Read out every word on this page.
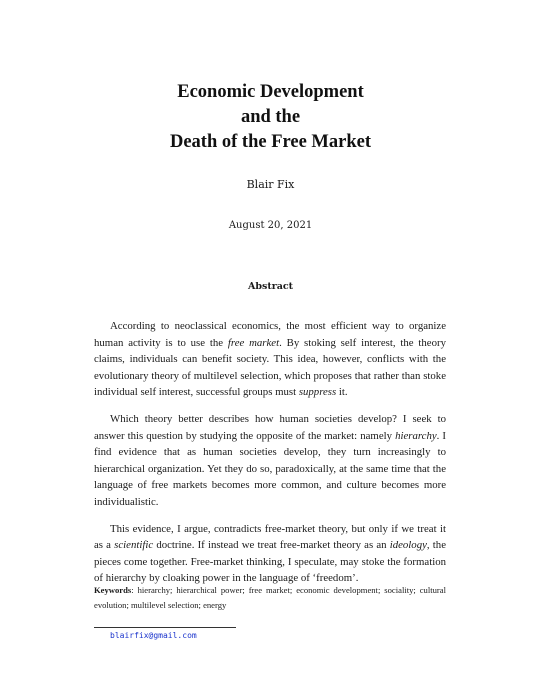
Economic Development
and the
Death of the Free Market
Blair Fix
August 20, 2021
Abstract

According to neoclassical economics, the most efficient way to organize human activity is to use the free market. By stoking self interest, the theory claims, individuals can benefit society. This idea, however, conflicts with the evolutionary theory of multilevel selection, which proposes that rather than stoke individual self interest, successful groups must suppress it.

Which theory better describes how human societies develop? I seek to answer this question by studying the opposite of the market: namely hierarchy. I find evidence that as human societies develop, they turn increasingly to hierarchical organization. Yet they do so, paradoxically, at the same time that the language of free markets becomes more common, and culture becomes more individualistic.

This evidence, I argue, contradicts free-market theory, but only if we treat it as a scientific doctrine. If instead we treat free-market theory as an ideology, the pieces come together. Free-market thinking, I speculate, may stoke the formation of hierarchy by cloaking power in the language of ‘freedom’.

Keywords: hierarchy; hierarchical power; free market; economic development; sociality; cultural evolution; multilevel selection; energy
blairfix@gmail.com
